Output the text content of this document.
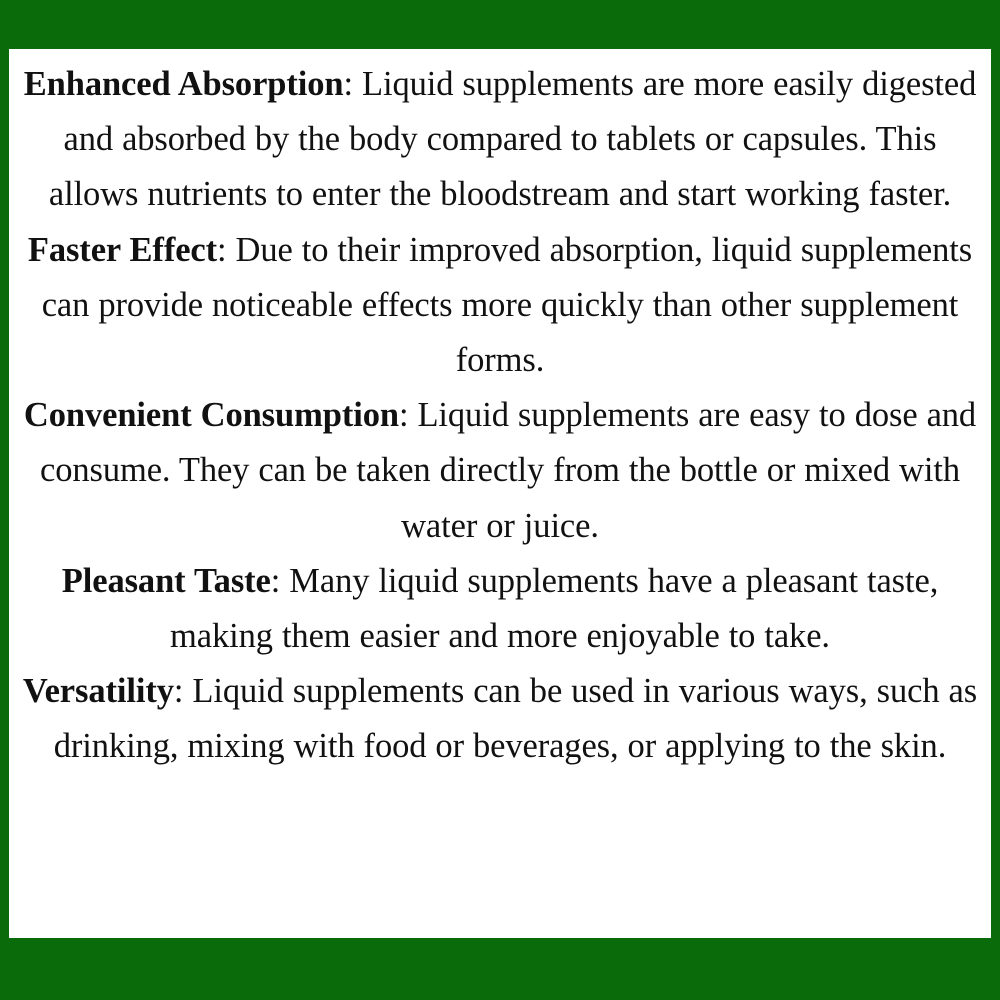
Enhanced Absorption: Liquid supplements are more easily digested and absorbed by the body compared to tablets or capsules. This allows nutrients to enter the bloodstream and start working faster.

Faster Effect: Due to their improved absorption, liquid supplements can provide noticeable effects more quickly than other supplement forms.

Convenient Consumption: Liquid supplements are easy to dose and consume. They can be taken directly from the bottle or mixed with water or juice.

Pleasant Taste: Many liquid supplements have a pleasant taste, making them easier and more enjoyable to take.

Versatility: Liquid supplements can be used in various ways, such as drinking, mixing with food or beverages, or applying to the skin.
